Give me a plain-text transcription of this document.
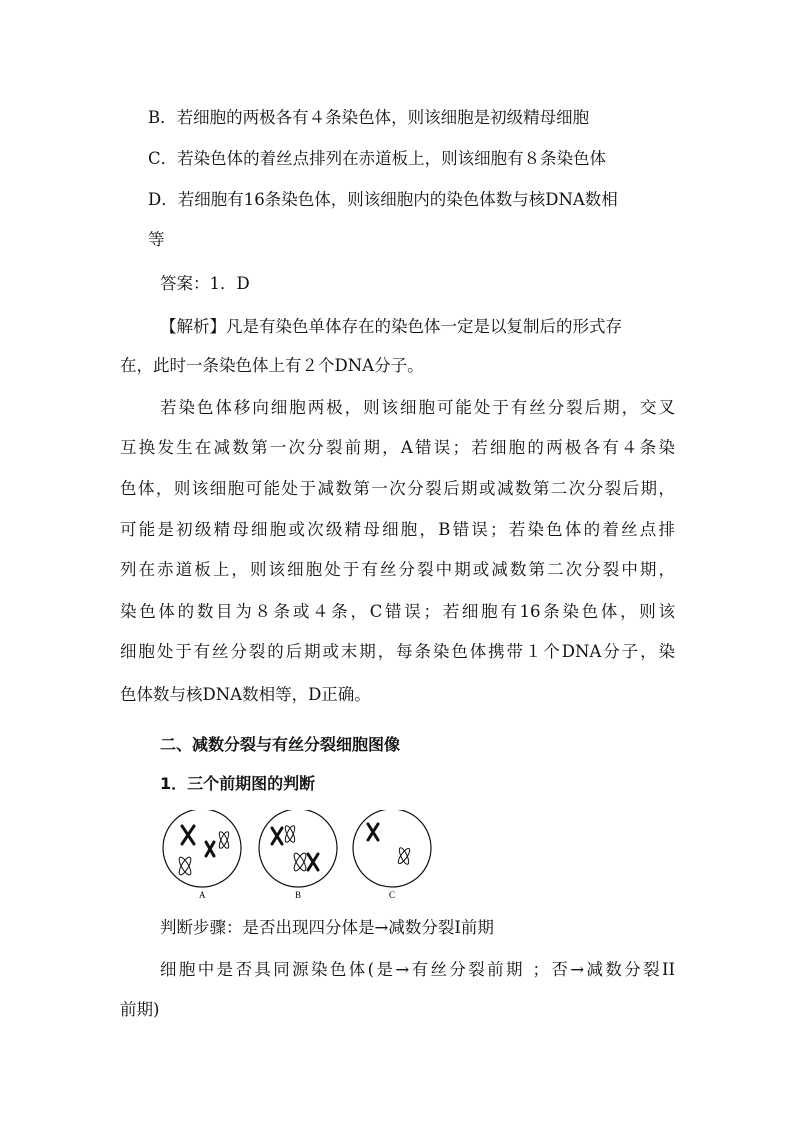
B．若细胞的两极各有４条染色体，则该细胞是初级精母细胞
C．若染色体的着丝点排列在赤道板上，则该细胞有８条染色体
D．若细胞有16条染色体，则该细胞内的染色体数与核DNA数相
等
答案：1．D
【解析】凡是有染色单体存在的染色体一定是以复制后的形式存
在，此时一条染色体上有２个DNA分子。
若染色体移向细胞两极，则该细胞可能处于有丝分裂后期，交叉
互换发生在减数第一次分裂前期，A错误；若细胞的两极各有４条染
色体，则该细胞可能处于减数第一次分裂后期或减数第二次分裂后期，
可能是初级精母细胞或次级精母细胞，B错误；若染色体的着丝点排
列在赤道板上，则该细胞处于有丝分裂中期或减数第二次分裂中期，
染色体的数目为８条或４条，C错误；若细胞有16条染色体，则该
细胞处于有丝分裂的后期或末期，每条染色体携带１个DNA分子，染
色体数与核DNA数相等，D正确。
二、减数分裂与有丝分裂细胞图像
1．三个前期图的判断
A	B	C
判断步骤：是否出现四分体是→减数分裂Ⅰ前期
细胞中是否具同源染色体(是→有丝分裂前期 ；否→减数分裂II
前期)
